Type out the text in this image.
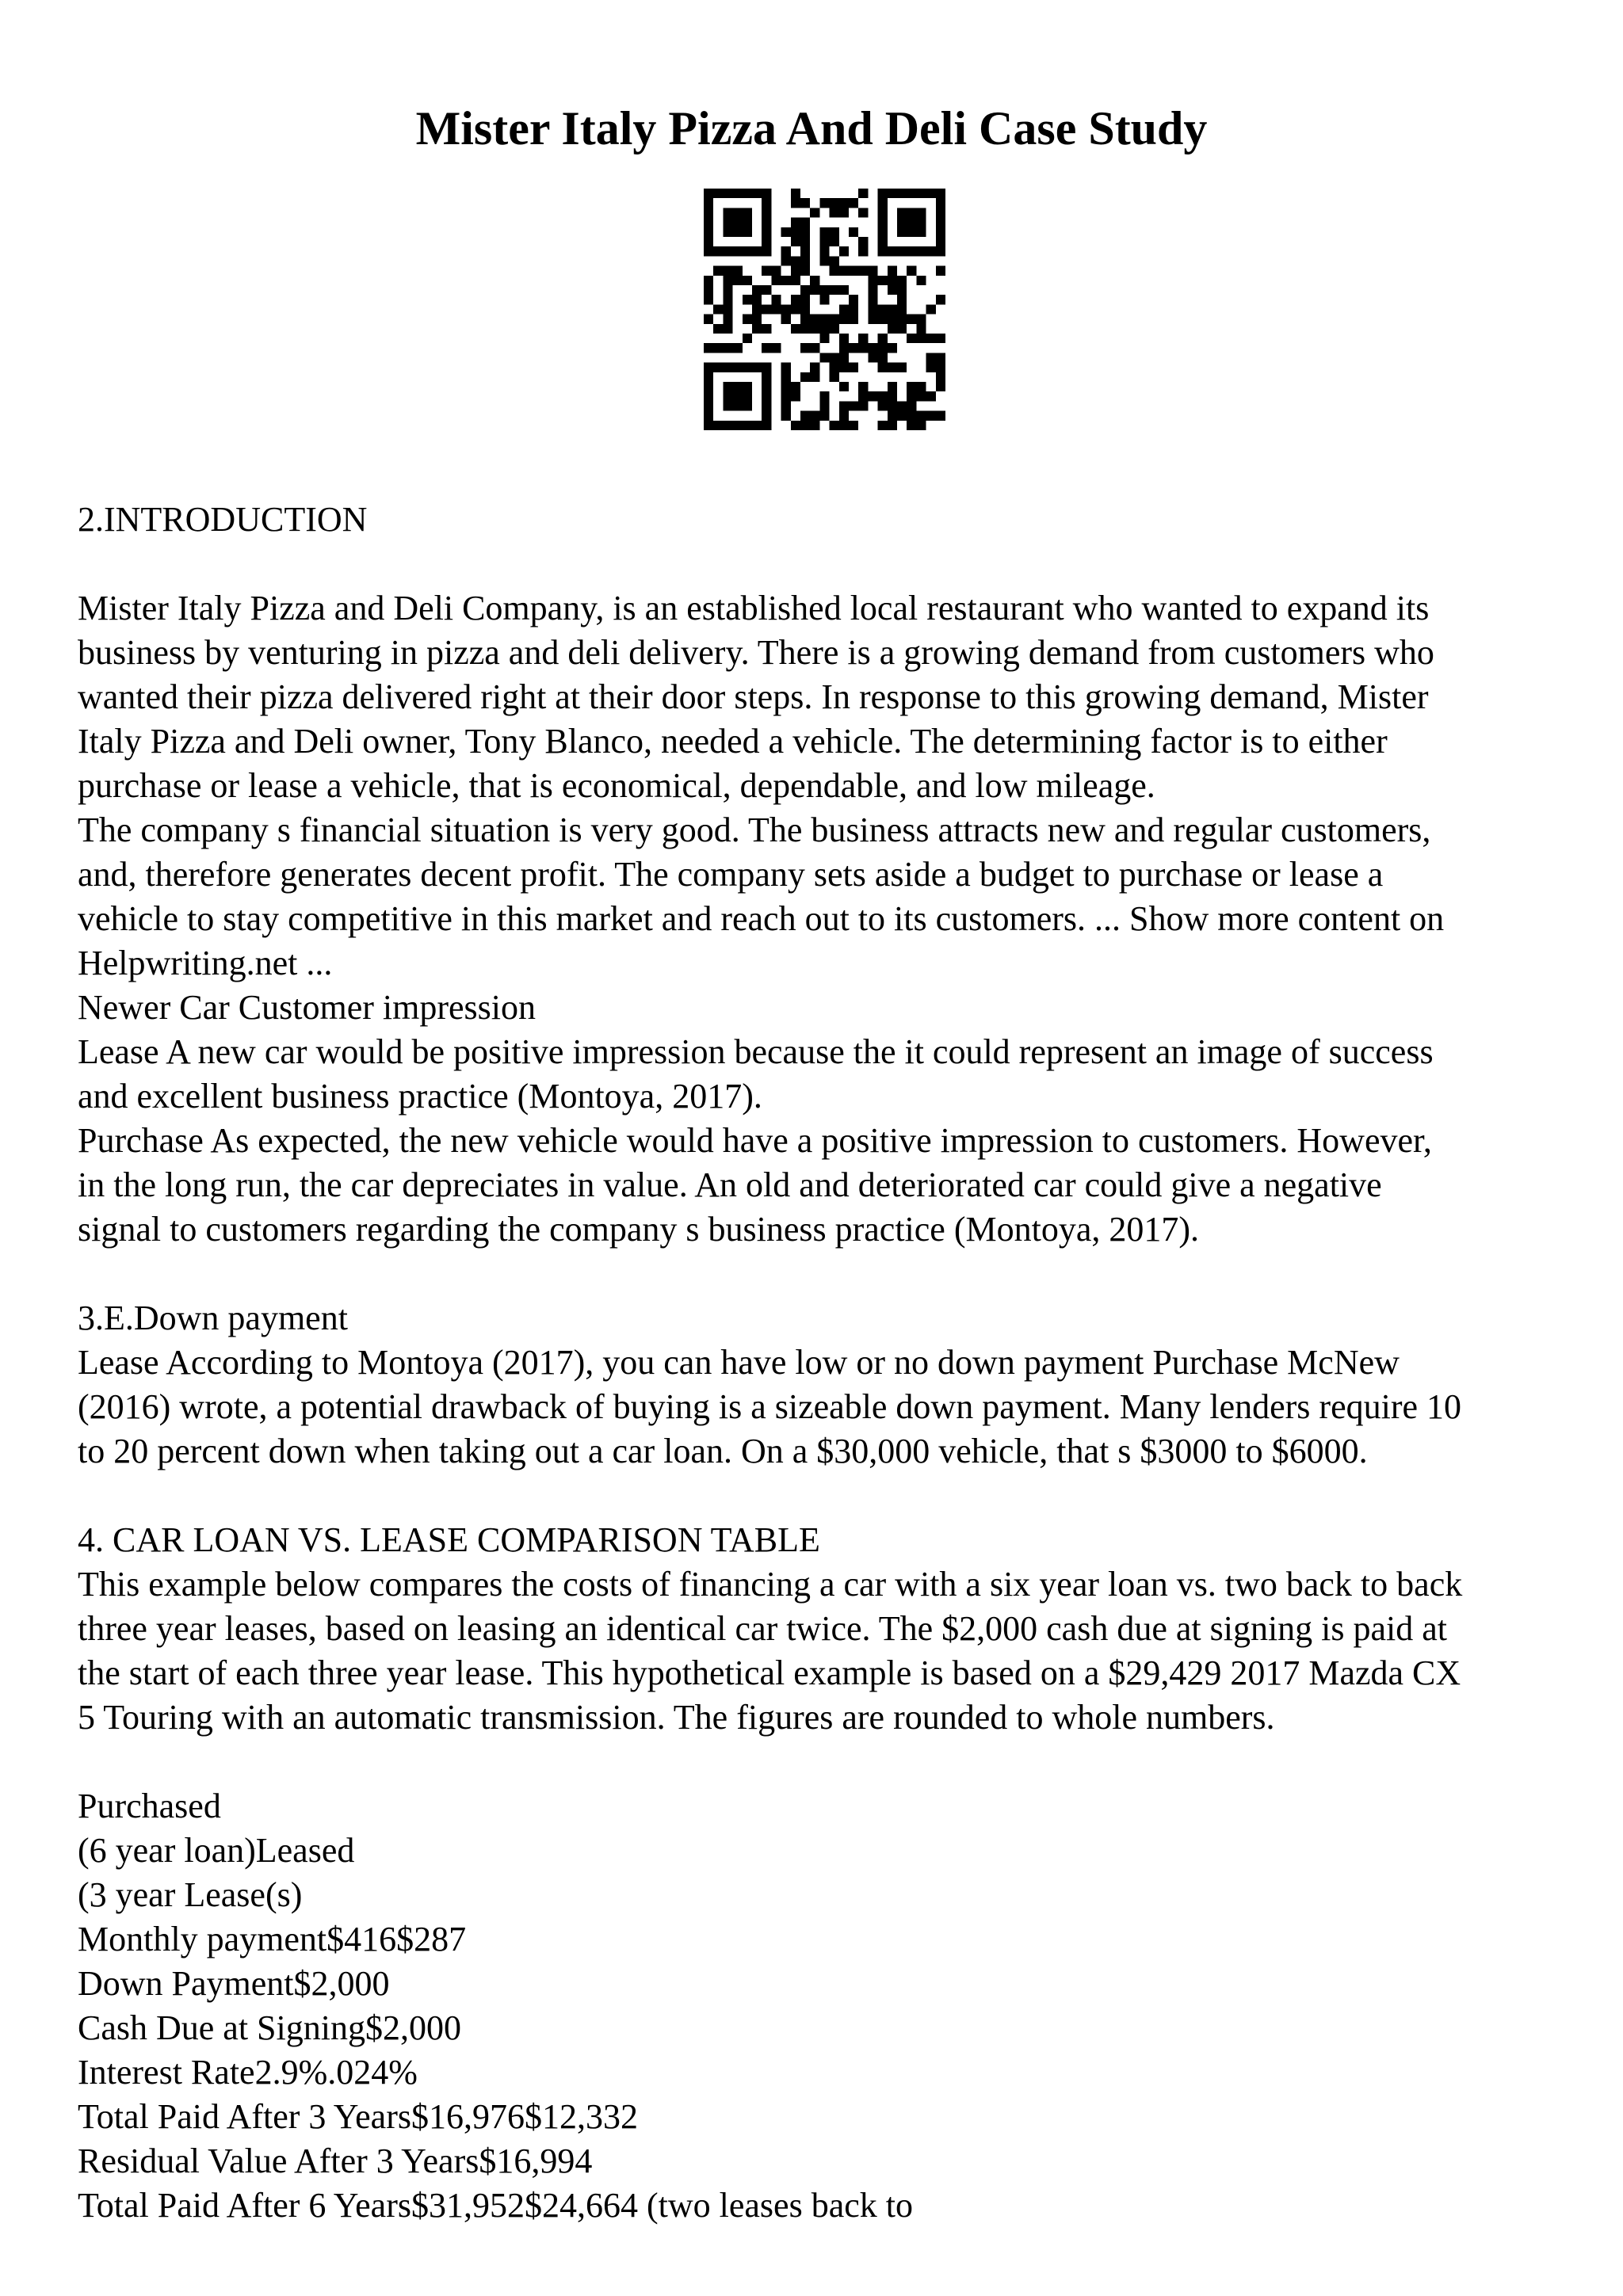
Mister Italy Pizza And Deli Case Study
2.INTRODUCTION
Mister Italy Pizza and Deli Company, is an established local restaurant who wanted to expand its
business by venturing in pizza and deli delivery. There is a growing demand from customers who
wanted their pizza delivered right at their door steps. In response to this growing demand, Mister
Italy Pizza and Deli owner, Tony Blanco, needed a vehicle. The determining factor is to either
purchase or lease a vehicle, that is economical, dependable, and low mileage.
The company s financial situation is very good. The business attracts new and regular customers,
and, therefore generates decent profit. The company sets aside a budget to purchase or lease a
vehicle to stay competitive in this market and reach out to its customers. ... Show more content on
Helpwriting.net ...
Newer Car Customer impression
Lease A new car would be positive impression because the it could represent an image of success
and excellent business practice (Montoya, 2017).
Purchase As expected, the new vehicle would have a positive impression to customers. However,
in the long run, the car depreciates in value. An old and deteriorated car could give a negative
signal to customers regarding the company s business practice (Montoya, 2017).
3.E.Down payment
Lease According to Montoya (2017), you can have low or no down payment Purchase McNew
(2016) wrote, a potential drawback of buying is a sizeable down payment. Many lenders require 10
to 20 percent down when taking out a car loan. On a $30,000 vehicle, that s $3000 to $6000.
4. CAR LOAN VS. LEASE COMPARISON TABLE
This example below compares the costs of financing a car with a six year loan vs. two back to back
three year leases, based on leasing an identical car twice. The $2,000 cash due at signing is paid at
the start of each three year lease. This hypothetical example is based on a $29,429 2017 Mazda CX
5 Touring with an automatic transmission. The figures are rounded to whole numbers.
Purchased
(6 year loan)Leased
(3 year Lease(s)
Monthly payment$416$287
Down Payment$2,000
Cash Due at Signing$2,000
Interest Rate2.9%.024%
Total Paid After 3 Years$16,976$12,332
Residual Value After 3 Years$16,994
Total Paid After 6 Years$31,952$24,664 (two leases back to
